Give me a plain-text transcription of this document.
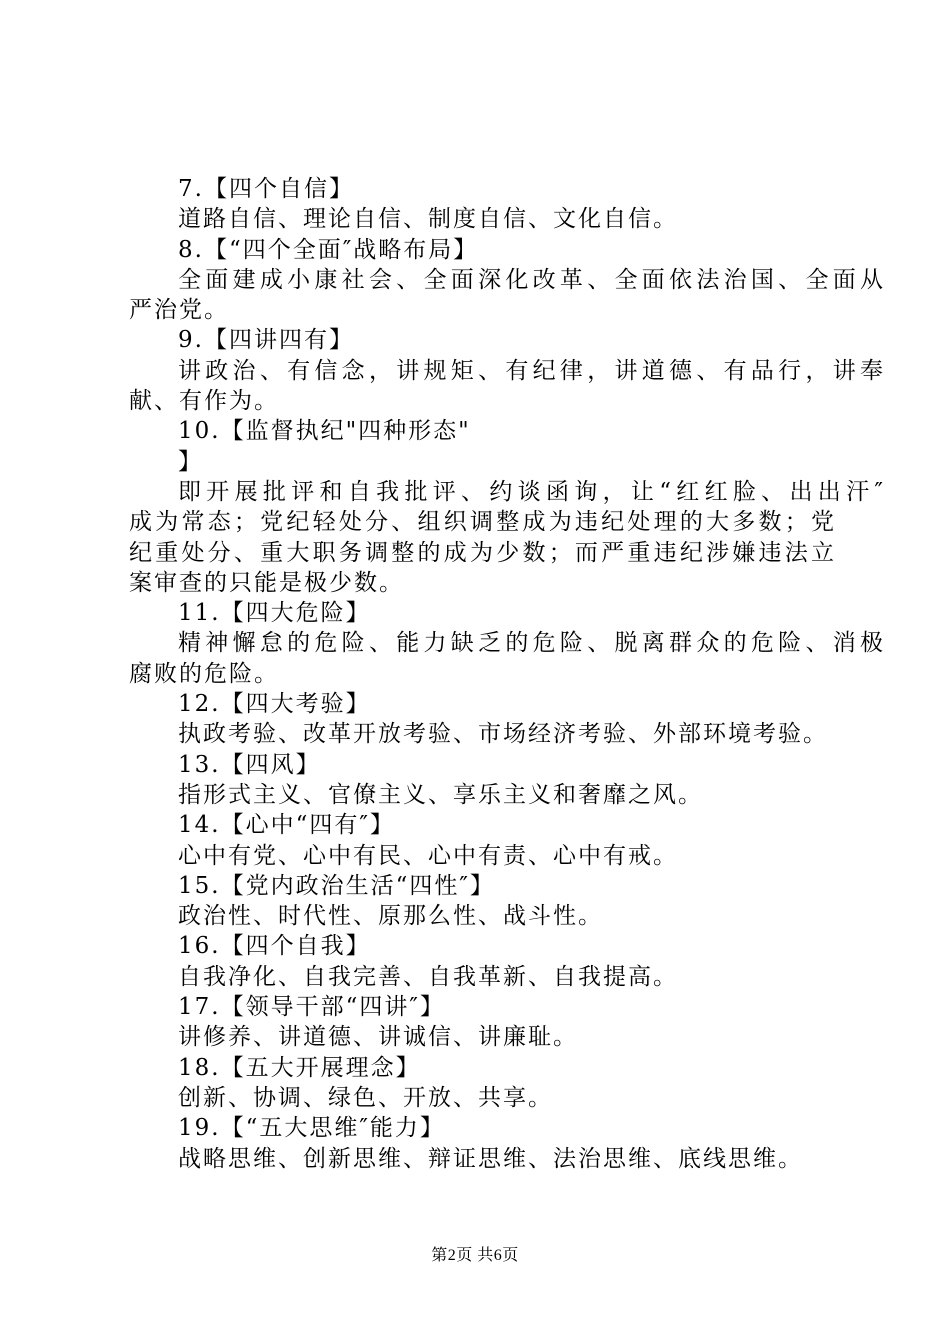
7.【四个自信】
道路自信、理论自信、制度自信、文化自信。
8.【“四个全面″战略布局】
全面建成小康社会、全面深化改革、全面依法治国、全面从
严治党。
9.【四讲四有】
讲政治、有信念，讲规矩、有纪律，讲道德、有品行，讲奉
献、有作为。
10.【监督执纪"四种形态"
】
即开展批评和自我批评、约谈函询，让“红红脸、出出汗″
成为常态；党纪轻处分、组织调整成为违纪处理的大多数；党
纪重处分、重大职务调整的成为少数；而严重违纪涉嫌违法立
案审查的只能是极少数。
11.【四大危险】
精神懈怠的危险、能力缺乏的危险、脱离群众的危险、消极
腐败的危险。
12.【四大考验】
执政考验、改革开放考验、市场经济考验、外部环境考验。
13.【四风】
指形式主义、官僚主义、享乐主义和奢靡之风。
14.【心中“四有″】
心中有党、心中有民、心中有责、心中有戒。
15.【党内政治生活“四性″】
政治性、时代性、原那么性、战斗性。
16.【四个自我】
自我净化、自我完善、自我革新、自我提高。
17.【领导干部“四讲″】
讲修养、讲道德、讲诚信、讲廉耻。
18.【五大开展理念】
创新、协调、绿色、开放、共享。
19.【“五大思维″能力】
战略思维、创新思维、辩证思维、法治思维、底线思维。
第2页 共6页
